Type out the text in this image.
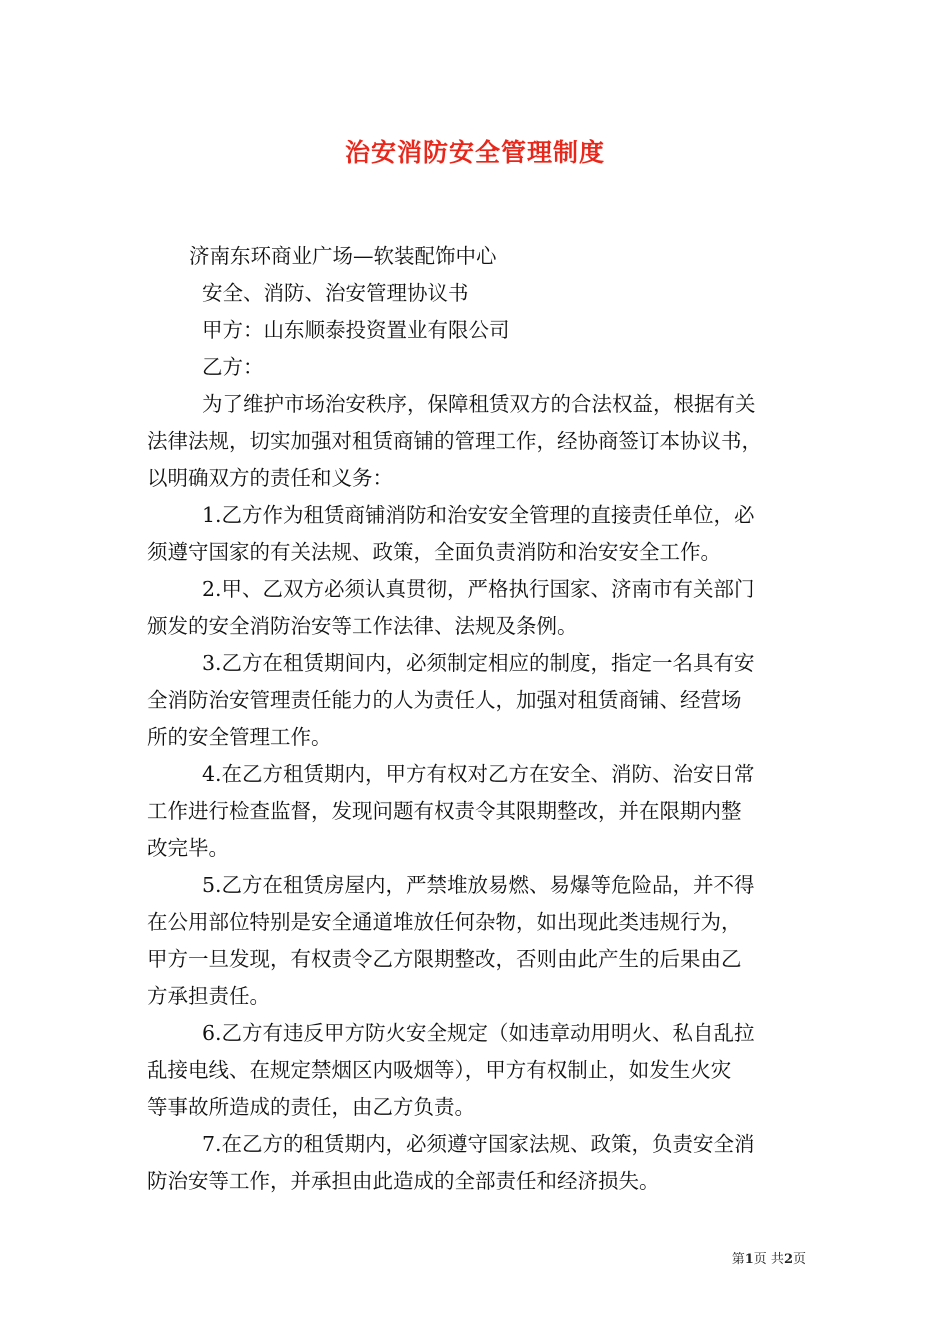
治安消防安全管理制度
济南东环商业广场—软装配饰中心
安全、消防、治安管理协议书
甲方：山东顺泰投资置业有限公司
乙方：
为了维护市场治安秩序，保障租赁双方的合法权益，根据有关
法律法规，切实加强对租赁商铺的管理工作，经协商签订本协议书，
以明确双方的责任和义务：
1.乙方作为租赁商铺消防和治安安全管理的直接责任单位，必
须遵守国家的有关法规、政策，全面负责消防和治安安全工作。
2.甲、乙双方必须认真贯彻，严格执行国家、济南市有关部门
颁发的安全消防治安等工作法律、法规及条例。
3.乙方在租赁期间内，必须制定相应的制度，指定一名具有安
全消防治安管理责任能力的人为责任人，加强对租赁商铺、经营场
所的安全管理工作。
4.在乙方租赁期内，甲方有权对乙方在安全、消防、治安日常
工作进行检查监督，发现问题有权责令其限期整改，并在限期内整
改完毕。
5.乙方在租赁房屋内，严禁堆放易燃、易爆等危险品，并不得
在公用部位特别是安全通道堆放任何杂物，如出现此类违规行为，
甲方一旦发现，有权责令乙方限期整改，否则由此产生的后果由乙
方承担责任。
6.乙方有违反甲方防火安全规定（如违章动用明火、私自乱拉
乱接电线、在规定禁烟区内吸烟等），甲方有权制止，如发生火灾
等事故所造成的责任，由乙方负责。
7.在乙方的租赁期内，必须遵守国家法规、政策，负责安全消
防治安等工作，并承担由此造成的全部责任和经济损失。
第1页 共2页
